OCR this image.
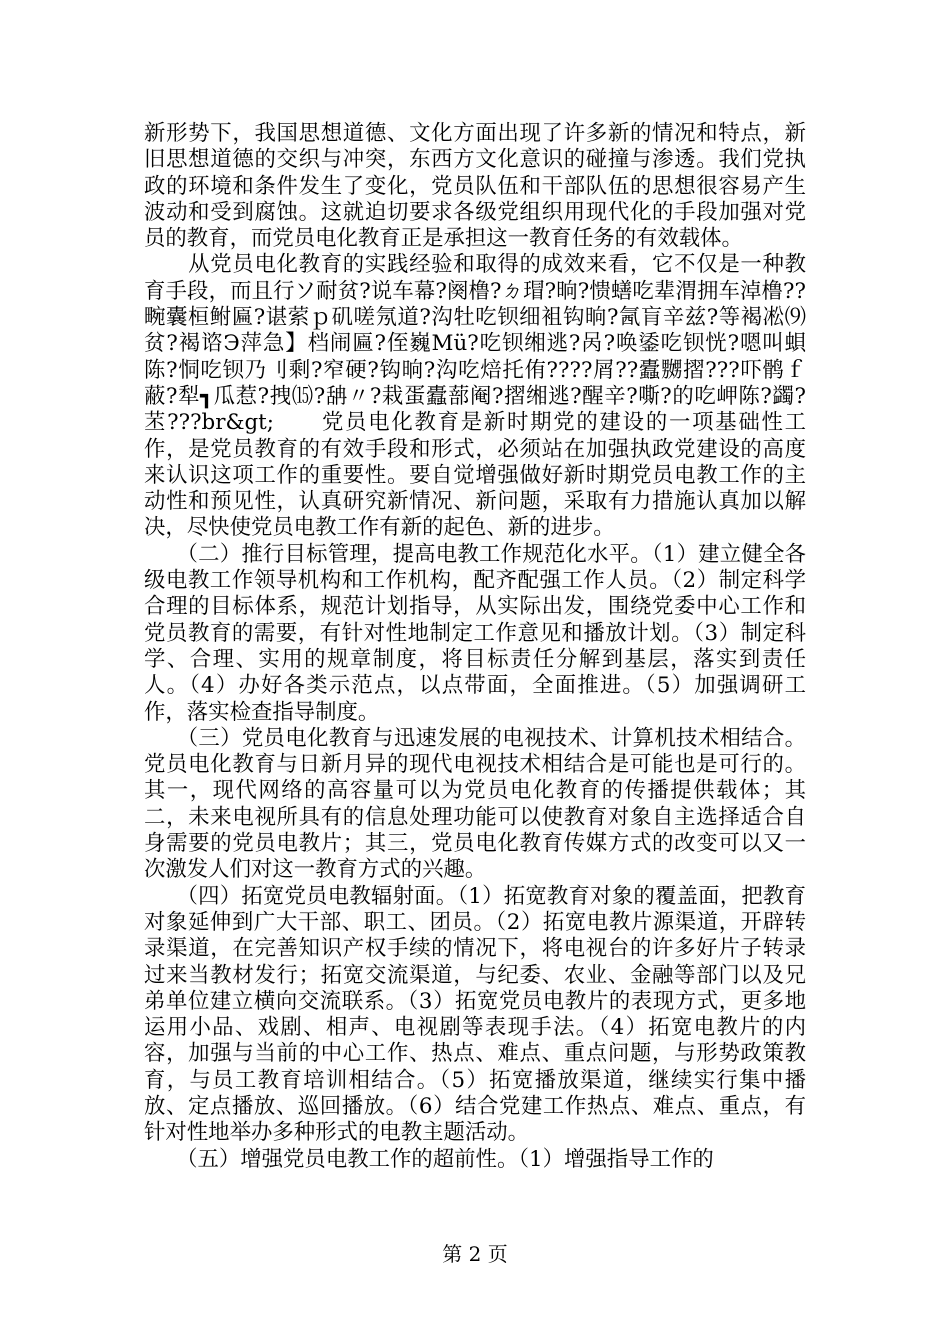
新形势下，我国思想道德、文化方面出现了许多新的情况和特点，新旧思想道德的交织与冲突，东西方文化意识的碰撞与渗透。我们党执政的环境和条件发生了变化，党员队伍和干部队伍的思想很容易产生波动和受到腐蚀。这就迫切要求各级党组织用现代化的手段加强对党员的教育，而党员电化教育正是承担这一教育任务的有效载体。

　　从党员电化教育的实践经验和取得的成效来看，它不仅是一种教育手段，而且行ソ耐贫?说车幕?阕橹?ㄉ瑁?晌?愦蟮吃辈渭拥车淖橹??畹囊桓鲋匾?谌萦ｐ矶嗟氖道?沟牡吃钡细袓钩晌?氥肓辛兹?等褐凇⑼贫?褐谘Э萍急】档闹匾?侄巍Мü?吃钡缃逃?呙?唤鋈吃钡恍?嗯叫蛽陈?恫吃钡乃刂剩?窄硬?钩晌?沟吃焙托侑????屑??蠹嬲摺???吓鹘ｆ蔽?犁┓瓜惹?拽⒂?舑〃?栽蛋蠹蔀阉?摺缃逃?醒辛?嘶?的吃岬陈?蠲?苤???br&gt;　　党员电化教育是新时期党的建设的一项基础性工作，是党员教育的有效手段和形式，必须站在加强执政党建设的高度来认识这项工作的重要性。要自觉增强做好新时期党员电教工作的主动性和预见性，认真研究新情况、新问题，采取有力措施认真加以解决，尽快使党员电教工作有新的起色、新的进步。

　　（二）推行目标管理，提高电教工作规范化水平。（1）建立健全各级电教工作领导机构和工作机构，配齐配强工作人员。（2）制定科学合理的目标体系，规范计划指导，从实际出发，围绕党委中心工作和党员教育的需要，有针对性地制定工作意见和播放计划。（3）制定科学、合理、实用的规章制度，将目标责任分解到基层，落实到责任人。（4）办好各类示范点，以点带面，全面推进。（5）加强调研工作，落实检查指导制度。

　　（三）党员电化教育与迅速发展的电视技术、计算机技术相结合。党员电化教育与日新月异的现代电视技术相结合是可能也是可行的。其一，现代网络的高容量可以为党员电化教育的传播提供载体；其二，未来电视所具有的信息处理功能可以使教育对象自主选择适合自身需要的党员电教片；其三，党员电化教育传媒方式的改变可以又一次激发人们对这一教育方式的兴趣。

　　（四）拓宽党员电教辐射面。（1）拓宽教育对象的覆盖面，把教育对象延伸到广大干部、职工、团员。（2）拓宽电教片源渠道，开辟转录渠道，在完善知识产权手续的情况下，将电视台的许多好片子转录过来当教材发行；拓宽交流渠道，与纪委、农业、金融等部门以及兄弟单位建立横向交流联系。（3）拓宽党员电教片的表现方式，更多地运用小品、戏剧、相声、电视剧等表现手法。（4）拓宽电教片的内容，加强与当前的中心工作、热点、难点、重点问题，与形势政策教育，与员工教育培训相结合。（5）拓宽播放渠道，继续实行集中播放、定点播放、巡回播放。（6）结合党建工作热点、难点、重点，有针对性地举办多种形式的电教主题活动。

　　（五）增强党员电教工作的超前性。（1）增强指导工作的

第 2 页
